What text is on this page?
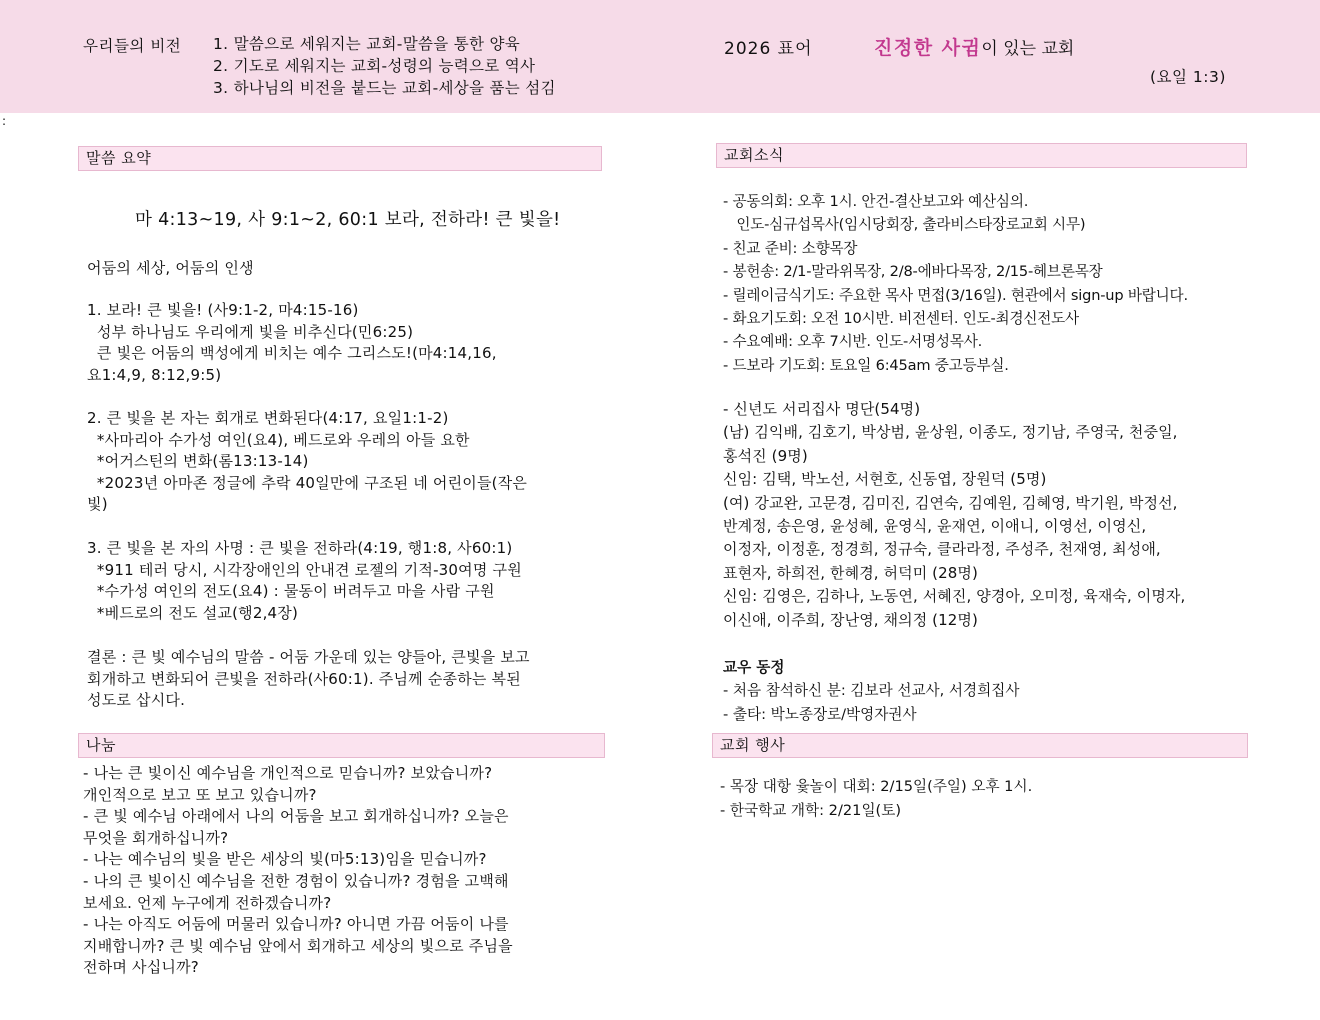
우리들의 비전 1. 말씀으로 세워지는 교회-말씀을 통한 양육
2. 기도로 세워지는 교회-성령의 능력으로 역사
3. 하나님의 비전을 붙드는 교회-세상을 품는 섬김
2026 표어	진정한 사귐이 있는 교회
(요일 1:3)
:
말씀 요약
마 4:13~19, 사 9:1~2, 60:1 보라, 전하라! 큰 빛을!
어둠의 세상, 어둠의 인생
1. 보라! 큰 빛을! (사9:1-2, 마4:15-16)
성부 하나님도 우리에게 빛을 비추신다(민6:25)
큰 빛은 어둠의 백성에게 비치는 예수 그리스도!(마4:14,16,
요1:4,9, 8:12,9:5)
2. 큰 빛을 본 자는 회개로 변화된다(4:17, 요일1:1-2)
*사마리아 수가성 여인(요4), 베드로와 우레의 아들 요한
*어거스틴의 변화(롬13:13-14)
*2023년 아마존 정글에 추락 40일만에 구조된 네 어린이들(작은
빛)
3. 큰 빛을 본 자의 사명 : 큰 빛을 전하라(4:19, 행1:8, 사60:1)
*911 테러 당시, 시각장애인의 안내견 로젤의 기적-30여명 구원
*수가성 여인의 전도(요4) : 물동이 버려두고 마을 사람 구원
*베드로의 전도 설교(행2,4장)
결론 : 큰 빛 예수님의 말씀 - 어둠 가운데 있는 양들아, 큰빛을 보고
회개하고 변화되어 큰빛을 전하라(사60:1). 주님께 순종하는 복된
성도로 삽시다.
나눔
- 나는 큰 빛이신 예수님을 개인적으로 믿습니까? 보았습니까?
개인적으로 보고 또 보고 있습니까?
- 큰 빛 예수님 아래에서 나의 어둠을 보고 회개하십니까? 오늘은
무엇을 회개하십니까?
- 나는 예수님의 빛을 받은 세상의 빛(마5:13)임을 믿습니까?
- 나의 큰 빛이신 예수님을 전한 경험이 있습니까? 경험을 고백해
보세요. 언제 누구에게 전하겠습니까?
- 나는 아직도 어둠에 머물러 있습니까? 아니면 가끔 어둠이 나를
지배합니까? 큰 빛 예수님 앞에서 회개하고 세상의 빛으로 주님을
전하며 사십니까?
교회소식
- 공동의회: 오후 1시. 안건-결산보고와 예산심의.
인도-심규섭목사(임시당회장, 출라비스타장로교회 시무)
- 친교 준비: 소향목장
- 봉헌송: 2/1-말라위목장, 2/8-에바다목장, 2/15-헤브론목장
- 릴레이금식기도: 주요한 목사 면접(3/16일). 현관에서 sign-up 바랍니다.
- 화요기도회: 오전 10시반. 비전센터. 인도-최경신전도사
- 수요예배: 오후 7시반. 인도-서명성목사.
- 드보라 기도회: 토요일 6:45am 중고등부실.
- 신년도 서리집사 명단(54명)
(남) 김익배, 김호기, 박상범, 윤상원, 이종도, 정기남, 주영국, 천중일,
홍석진 (9명)
신임: 김택, 박노선, 서현호, 신동엽, 장원덕 (5명)
(여) 강교완, 고문경, 김미진, 김연숙, 김예원, 김혜영, 박기원, 박정선,
반계정, 송은영, 윤성혜, 윤영식, 윤재연, 이애니, 이영선, 이영신,
이정자, 이정훈, 정경희, 정규숙, 클라라정, 주성주, 천재영, 최성애,
표현자, 하희전, 한혜경, 허덕미 (28명)
신임: 김영은, 김하나, 노동연, 서혜진, 양경아, 오미정, 육재숙, 이명자,
이신애, 이주희, 장난영, 채의정 (12명)
교우 동정
- 처음 참석하신 분: 김보라 선교사, 서경희집사
- 출타: 박노종장로/박영자권사
교회 행사
- 목장 대항 윷놀이 대회: 2/15일(주일) 오후 1시.
- 한국학교 개학: 2/21일(토)
